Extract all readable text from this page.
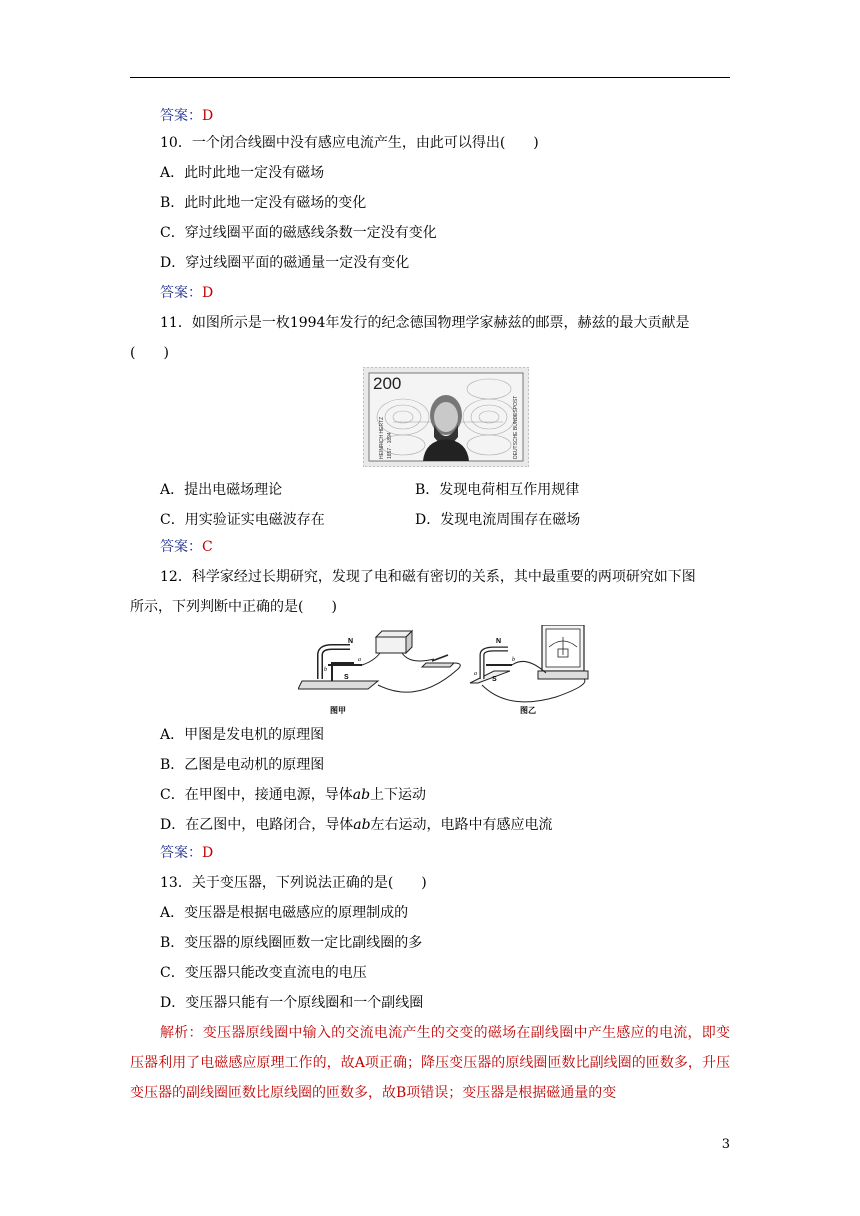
答案：D
10．一个闭合线圈中没有感应电流产生，由此可以得出(　　)
A．此时此地一定没有磁场
B．此时此地一定没有磁场的变化
C．穿过线圈平面的磁感线条数一定没有变化
D．穿过线圈平面的磁通量一定没有变化
答案：D
11．如图所示是一枚1994年发行的纪念德国物理学家赫兹的邮票，赫兹的最大贡献是
(　　)
200
HEINRICH HERTZ 1857 · 1894	DEUTSCHE BUNDESPOST
A．提出电磁场理论	B．发现电荷相互作用规律
C．用实验证实电磁波存在	D．发现电流周围存在磁场
答案：C
12．科学家经过长期研究，发现了电和磁有密切的关系，其中最重要的两项研究如下图
所示，下列判断中正确的是(　　)
N
S
a
b
图甲
N
S
b
a
图乙
A．甲图是发电机的原理图
B．乙图是电动机的原理图
C．在甲图中，接通电源，导体ab上下运动
D．在乙图中，电路闭合，导体ab左右运动，电路中有感应电流
答案：D
13．关于变压器，下列说法正确的是(　　)
A．变压器是根据电磁感应的原理制成的
B．变压器的原线圈匝数一定比副线圈的多
C．变压器只能改变直流电的电压
D．变压器只能有一个原线圈和一个副线圈
解析：变压器原线圈中输入的交流电流产生的交变的磁场在副线圈中产生感应的电流，即变压器利用了电磁感应原理工作的，故A项正确；降压变压器的原线圈匝数比副线圈的匝数多，升压变压器的副线圈匝数比原线圈的匝数多，故B项错误；变压器是根据磁通量的变
3
